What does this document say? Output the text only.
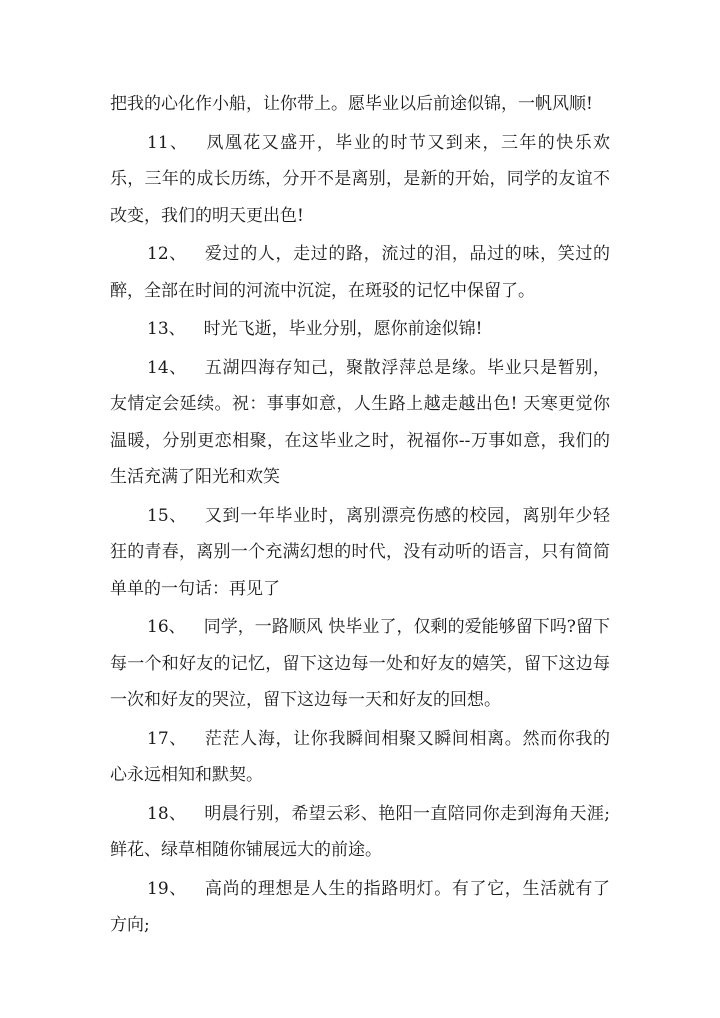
把我的心化作小船，让你带上。愿毕业以后前途似锦，一帆风顺!

11、 凤凰花又盛开，毕业的时节又到来，三年的快乐欢乐，三年的成长历练，分开不是离别，是新的开始，同学的友谊不改变，我们的明天更出色!

12、 爱过的人，走过的路，流过的泪，品过的味，笑过的醉，全部在时间的河流中沉淀，在斑驳的记忆中保留了。

13、 时光飞逝，毕业分别，愿你前途似锦!

14、 五湖四海存知己，聚散浮萍总是缘。毕业只是暂别，友情定会延续。祝：事事如意，人生路上越走越出色! 天寒更觉你温暖，分别更恋相聚，在这毕业之时，祝福你--万事如意，我们的生活充满了阳光和欢笑

15、 又到一年毕业时，离别漂亮伤感的校园，离别年少轻狂的青春，离别一个充满幻想的时代，没有动听的语言，只有简简单单的一句话：再见了

16、 同学，一路顺风 快毕业了，仅剩的爱能够留下吗?留下每一个和好友的记忆，留下这边每一处和好友的嬉笑，留下这边每一次和好友的哭泣，留下这边每一天和好友的回想。

17、 茫茫人海，让你我瞬间相聚又瞬间相离。然而你我的心永远相知和默契。

18、 明晨行别，希望云彩、艳阳一直陪同你走到海角天涯;鲜花、绿草相随你铺展远大的前途。

19、 高尚的理想是人生的指路明灯。有了它，生活就有了方向;
